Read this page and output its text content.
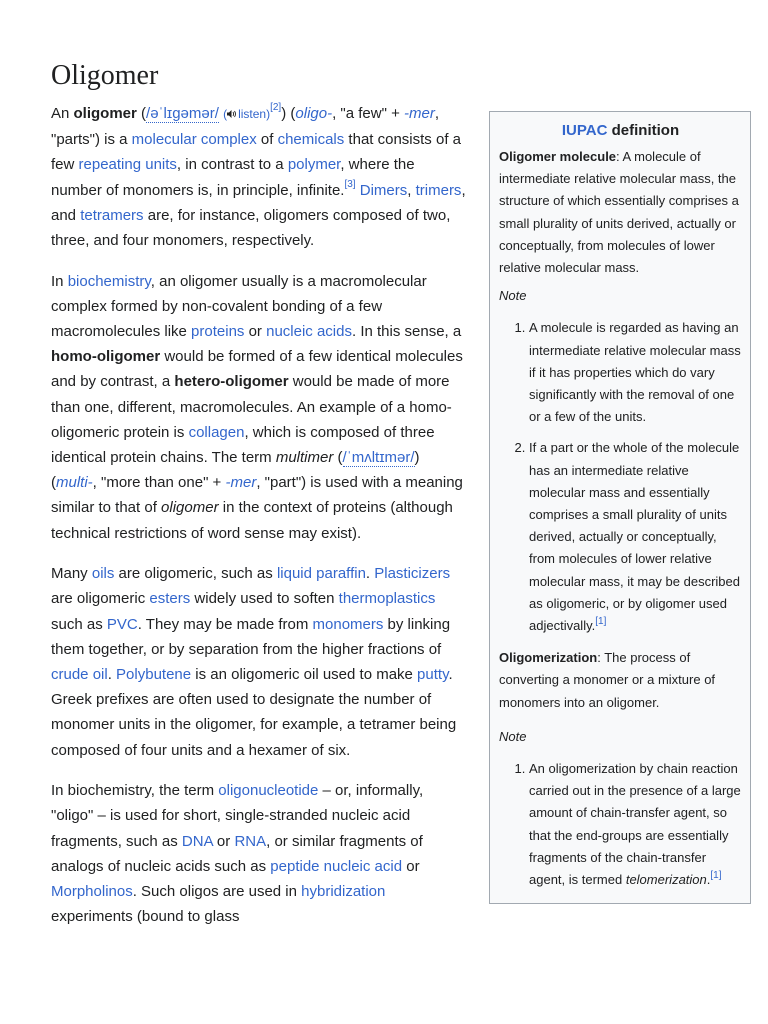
Oligomer
IUPAC definition
Oligomer molecule: A molecule of intermediate relative molecular mass, the structure of which essentially comprises a small plurality of units derived, actually or conceptually, from molecules of lower relative molecular mass.
Note
1. A molecule is regarded as having an intermediate relative molecular mass if it has properties which do vary significantly with the removal of one or a few of the units.
2. If a part or the whole of the molecule has an intermediate relative molecular mass and essentially comprises a small plurality of units derived, actually or conceptually, from molecules of lower relative molecular mass, it may be described as oligomeric, or by oligomer used adjectivally.[1]
Oligomerization: The process of converting a monomer or a mixture of monomers into an oligomer.
Note
1. An oligomerization by chain reaction carried out in the presence of a large amount of chain-transfer agent, so that the end-groups are essentially fragments of the chain-transfer agent, is termed telomerization.[1]

An oligomer (/əˈlɪɡəmər/ ( listen)[2]) (oligo-, "a few" + -mer, "parts") is a molecular complex of chemicals that consists of a few repeating units, in contrast to a polymer, where the number of monomers is, in principle, infinite.[3] Dimers, trimers, and tetramers are, for instance, oligomers composed of two, three, and four monomers, respectively.

In biochemistry, an oligomer usually is a macromolecular complex formed by non-covalent bonding of a few macromolecules like proteins or nucleic acids. In this sense, a homo-oligomer would be formed of a few identical molecules and by contrast, a hetero-oligomer would be made of more than one, different, macromolecules. An example of a homo-oligomeric protein is collagen, which is composed of three identical protein chains. The term multimer (/ˈmʌltɪmər/) (multi-, "more than one" + -mer, "part") is used with a meaning similar to that of oligomer in the context of proteins (although technical restrictions of word sense may exist).

Many oils are oligomeric, such as liquid paraffin. Plasticizers are oligomeric esters widely used to soften thermoplastics such as PVC. They may be made from monomers by linking them together, or by separation from the higher fractions of crude oil. Polybutene is an oligomeric oil used to make putty. Greek prefixes are often used to designate the number of monomer units in the oligomer, for example, a tetramer being composed of four units and a hexamer of six.

In biochemistry, the term oligonucleotide – or, informally, "oligo" – is used for short, single-stranded nucleic acid fragments, such as DNA or RNA, or similar fragments of analogs of nucleic acids such as peptide nucleic acid or Morpholinos. Such oligos are used in hybridization experiments (bound to glass
